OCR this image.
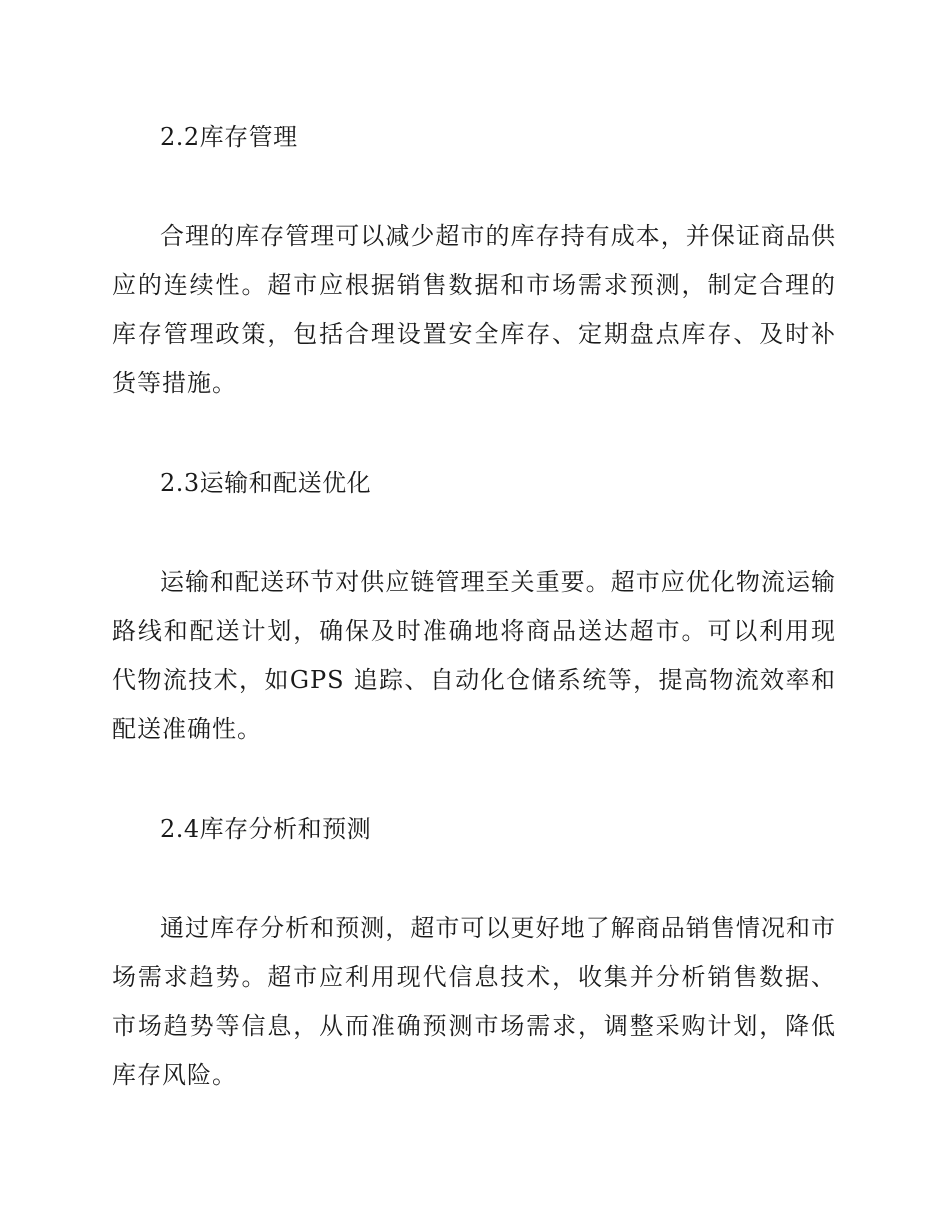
2.2库存管理

合理的库存管理可以减少超市的库存持有成本，并保证商品供应的连续性。超市应根据销售数据和市场需求预测，制定合理的库存管理政策，包括合理设置安全库存、定期盘点库存、及时补货等措施。

2.3运输和配送优化

运输和配送环节对供应链管理至关重要。超市应优化物流运输路线和配送计划，确保及时准确地将商品送达超市。可以利用现代物流技术，如GPS 追踪、自动化仓储系统等，提高物流效率和配送准确性。

2.4库存分析和预测

通过库存分析和预测，超市可以更好地了解商品销售情况和市场需求趋势。超市应利用现代信息技术，收集并分析销售数据、市场趋势等信息，从而准确预测市场需求，调整采购计划，降低库存风险。
